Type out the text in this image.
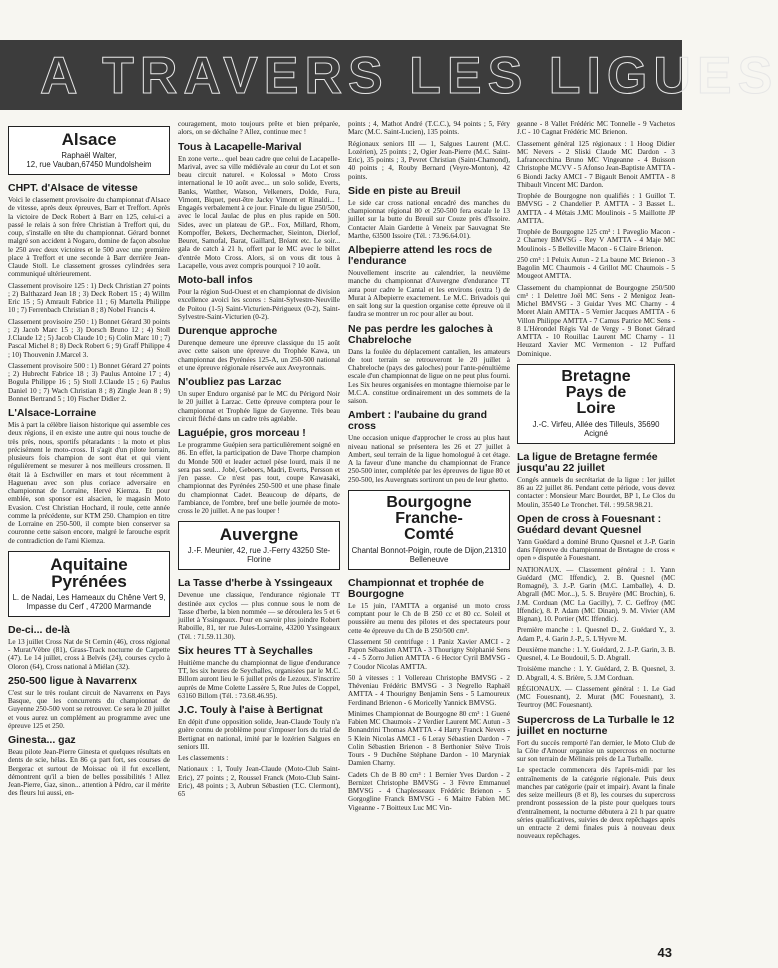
A TRAVERS LES LIGUES
Alsace
Raphaël Walter,
12, rue Vauban,67450 Mundolsheim
CHPT. d'Alsace de vitesse

Voici le classement provisoire du championnat d'Alsace de vitesse, après deux épreuves, Barr et Treffort. Après la victoire de Deck Robert à Barr en 125, celui-ci a passé le relais à son frère Christian à Treffort qui, du coup, s'installe en tête du championnat. Gérard bonnet malgré son accident à Nogaro, domine de façon absolue le 250 avec deux victoires et le 500 avec une première place à Treffort et une seconde à Barr derrière Jean-Claude Stoll. Le classement grosses cylindrées sera communiqué ultérieurement.

Classement provisoire 125 : 1) Deck Christian 27 points ; 2) Balthazard Jean 18 ; 3) Deck Robert 15 ; 4) Willm Eric 15 ; 5) Amrault Fabrice 11 ; 6) Martella Philippe 10 ; 7) Ferrenbach Christian 8 ; 8) Nobel Francis 4.

Classement provisoire 250 : 1) Bonnet Gérard 30 points ; 2) Jacob Marc 15 ; 3) Dorsch Bruno 12 ; 4) Stoll J.Claude 12 ; 5) Jacob Claude 10 ; 6) Colin Marc 10 ; 7) Pascal Michel 8 ; 8) Deck Robert 6 ; 9) Graff Philippe 4 ; 10) Thouvenin J.Marcel 3.

Classement provisoire 500 : 1) Bonnet Gérard 27 points ; 2) Hubrecht Fabrice 18 ; 3) Paulus Antoine 17 ; 4) Bogula Philippe 16 ; 5) Stoll J.Claude 15 ; 6) Paulus Daniel 10 ; 7) Wach Christian 8 ; 8) Zingle Jean 8 ; 9) Bonnet Bertrand 5 ; 10) Fischer Didier 2.

L'Alsace-Lorraine

Mis à part la célèbre liaison historique qui assemble ces deux régions, il en existe une autre qui nous touche de très près, nous, sportifs pétaradants : la moto et plus précisément le moto-cross. Il s'agit d'un pilote lorrain, plusieurs fois champion de sont état et qui vient régulièrement se mesurer à nos meilleurs crossmen. Il était là à Eschwiller en mars et tout récemment à Haguenau avec son plus coriace adversaire en championnat de Lorraine, Hervé Kiemza. Et pour emblée, son sponsor est alsacien, le magasin Moto Evasion. C'est Christian Hochard, il roule, cette année comme la précédente, sur KTM 250. Champion en titre de Lorraine en 250-500, il compte bien conserver sa couronne cette saison encore, malgré le farouche esprit de contradiction de l'ami Kiemza.

Aquitaine
Pyrénées
L. de Nadai, Les Hameaux du Chêne Vert 9, Impasse du Cerf , 47200 Marmande
De-ci... de-là

Le 13 juillet Cross Nat de St Cernin (46), cross régional - Murat/Vèbre (81), Grass-Track nocturne de Carpette (47). Le 14 juillet, cross à Belvès (24), courses cyclo à Oloron (64), Cross national à Miélan (32).

250-500 ligue à Navarrenx

C'est sur le très roulant circuit de Navarrenx en Pays Basque, que les concurrents du championnat de Guyenne 250-500 vont se retrouver. Ce sera le 20 juillet et vous aurez un complément au programme avec une épreuve 125 et 250.

Ginesta... gaz

Beau pilote Jean-Pierre Ginesta et quelques résultats en dents de scie, hélas. En 86 ça part fort, ses courses de Bergerac et surtout de Moissac où il fut excellent, démontrent qu'il a bien de belles possibilités ! Allez Jean-Pierre, Gaz, sinon... attention à Pédro, car il mérite des fleurs lui aussi, en-

couragement, moto toujours prête et bien préparée, alors, on se déchaîne ? Allez, continue mec !

Tous à Lacapelle-Marival

En zone verte... quel beau cadre que celui de Lacapelle-Marival, avec sa ville médiévale au cœur du Lot et son beau circuit naturel. « Kolossal » Moto Cross international le 10 août avec... un solo solide, Everts, Banks, Watther, Watson, Velkeners, Dolde, Fura, Vimont, Biquet, peut-être Jacky Vimont et Rinaldi... ! Engagés verbalement à ce jour. Finale du ligue 250/500, avec le local Jaulac de plus en plus rapide en 500. Sides, avec un plateau de GP... Fox, Millard, Rhom, Kompoffer, Bekers, Dechermacher, Sieinton, Dierlof, Beuret, Samofal, Barat, Gaillard, Bréant etc. Le soir... gala de catch à 21 h, offert par le MC avec le billet d'entrée Moto Cross. Alors, si on vous dit tous à Lacapelle, vous avez compris pourquoi ? 10 août.

Moto-ball infos

Pour la région Sud-Ouest et en championnat de division excellence avoici les scores : Saint-Sylvestre-Neuville de Poitou (1-5) Saint-Victurien-Périgueux (0-2), Saint-Sylvestre-Saint-Victurien (0-2).

Durenque approche

Durenque demeure une épreuve classique du 15 août avec cette saison une épreuve du Trophée Kawa, un championnat des Pyrénées 125-A, un 250-500 national et une épreuve régionale réservée aux Aveyronnais.

N'oubliez pas Larzac

Un super Enduro organisé par le MC du Périgord Noir le 20 juillet à Larzac. Cette épreuve comptera pour le championnat et Trophée ligue de Guyenne. Très beau circuit fléché dans un cadre très agréable.

Laguépie, gros morceau !

Le programme Guépien sera particulièrement soigné en 86. En effet, la participation de Dave Thorpe champion du Monde 500 et leader actuel pèse lourd, mais il ne sera pas seul... Jobé, Geboers, Madri, Everts, Persson et j'en passe. Ce n'est pas tout, coupe Kawasaki, championnat des Pyrénées 250-500 et une phase finale du championnat Cadet. Beaucoup de départs, de l'ambiance, de l'ombre, bref une belle journée de moto-cross le 20 juillet. A ne pas louper !

Auvergne
J.-F. Meunier, 42, rue J.-Ferry 43250 Ste-Florine
La Tasse d'herbe à Yssingeaux

Devenue une classique, l'endurance régionale TT destinée aux cyclos — plus connue sous le nom de Tasse d'herbe, la bien nommée — se déroulera les 5 et 6 juillet à Yssingeaux. Pour en savoir plus joindre Robert Raboille, 81, ter rue Jules-Lorraine, 43200 Yssingeaux (Tél. : 71.59.11.30).

Six heures TT à Seychalles

Huitième manche du championnat de ligue d'endurance TT, les six heures de Seychalles, organisées par le M.C. Billom auront lieu le 6 juillet près de Lezoux. S'inscrire auprès de Mme Colette Lassère 5, Rue Jules de Coppel, 63160 Billom (Tél. : 73.68.46.95).

J.C. Touly à l'aise à Bertignat

En dépit d'une opposition solide, Jean-Claude Touly n'a guère connu de problème pour s'imposer lors du trial de Bertignat en national, imité par le lozérien Salgues en seniors III.

Les classements :

Nationaux : 1, Touly Jean-Claude (Moto-Club Saint-Eric), 27 points ; 2, Roussel Franck (Moto-Club Saint-Eric), 48 points ; 3, Aubrun Sébastien (T.C. Clermont), 65

points ; 4, Mathot André (T.C.C.), 94 points ; 5, Féry Marc (M.C. Saint-Lucien), 135 points.

Régionaux seniors III — 1, Salgues Laurent (M.C. Lozérien), 25 points ; 2, Ogier Jean-Pierre (M.C. Saint-Eric), 35 points ; 3, Pevret Christian (Saint-Chamond), 40 points ; 4, Rouby Bernard (Veyre-Monton), 42 points.

Side en piste au Breuil

Le side car cross national encadré des manches du championnat régional 80 et 250-500 fera escale le 13 juillet sur la butte du Breuil sur Couze près d'Issoire. Contacter Alain Gardette à Veneix par Sauvagnat Ste Marthe, 63500 Issoire (Tél. : 73.96.64.01).

Albepierre attend les rocs de l'endurance

Nouvellement inscrite au calendrier, la neuvième manche du championnat d'Auvergne d'endurance TT aura pour cadre le Cantal et les environs (extra !) de Murat à Albepierre exactement. Le M.C. Brivadois qui en sait long sur la question organise cette épreuve où il faudra se montrer un roc pour aller au bout.

Ne pas perdre les galoches à Chabreloche

Dans la foulée du déplacement cantalien, les amateurs de tout terrain se retrouveront le 20 juillet à Chabreloche (pays des galoches) pour l'ante-pénultième escale d'un championnat de ligue on ne peut plus fourni. Les Six heures organisées en montagne thiernoise par le M.C.A. constitue ordinairement un des sommets de la saison.

Ambert : l'aubaine du grand cross

Une occasion unique d'approcher le cross au plus haut niveau national se présentera les 26 et 27 juillet à Ambert, seul terrain de la ligue homologué à cet étage. A la faveur d'une manche du championnat de France 250-500 inter, complétée par les épreuves de ligue 80 et 250-500, les Auvergnats sortiront un peu de leur ghetto.

Bourgogne
Franche-
Comté
Chantal Bonnot-Poigin, route de Dijon,21310 Belleneuve
Championnat et trophée de Bourgogne

Le 15 juin, l'AMTTA a organisé un moto cross comptant pour le Ch de B 250 cc et 80 cc. Soleil et poussière au menu des pilotes et des spectateurs pour cette 4e épreuve du Ch de B 250/500 cm³.

Classement 50 centrifuge : 1 Paniz Xavier AMCI - 2 Papon Sébastien AMTTA - 3 Thourigny Stéphanié Sens - 4 - 5 Zorro Julien AMTTA - 6 Hector Cyril BMVSG - 7 Coudor Nicolas AMTTA.

50 à vitesses : 1 Vollereau Christophe BMVSG - 2 Théveniau Frédéric BMVSG - 3 Negrello Raphaël AMTTA - 4 Thourigny Benjamin Sens - 5 Lamoureux Ferdinand Brienon - 6 Moricelly Yannick BMVSG.

Minimes Championnat de Bourgogne 80 cm³ : 1 Guené Fabien MC Chaumois - 2 Verdier Laurent MC Autun - 3 Bonandrini Thomas AMTTA - 4 Harry Franck Nevers - 5 Klein Nicolas AMCI - 6 Leray Sébastien Dardon - 7 Colin Sébastien Brienon - 8 Berthonier Stève Trois Tours - 9 Duchêne Stéphane Dardon - 10 Maryniak Damien Charny.

Cadets Ch de B 80 cm³ : 1 Bernier Yves Dardon - 2 Bernizet Christophe BMVSG - 3 Fèvre Emmanuel BMVSG - 4 Chaplesseaux Frédéric Brienon - 5 Gorgogline Franck BMVSG - 6 Maitre Fabien MC Vigeanne - 7 Boitteux Luc MC Vin-

geanne - 8 Vallet Frédéric MC Tonnelle - 9 Vachetos J.C - 10 Cagnat Frédéric MC Brienon.

Classement général 125 régionaux : 1 Hoog Didier MC Nevers - 2 Sliski Claude MC Dardon - 3 Lafrancecchina Bruno MC Vingeanne - 4 Buisson Christophe MCVV - 5 Afonso Jean-Baptiste AMTTA - 6 Biondi Jacky AMCI - 7 Bigault Benoit AMTTA - 8 Thibault Vincent MC Dardon.

Trophée de Bourgogne non qualifiés : 1 Guillot T. BMVSG - 2 Chandelier P. AMTTA - 3 Basset L. AMTTA - 4 Métais J.MC Moulinois - 5 Maillotte JP AMTTA.

Trophée de Bourgogne 125 cm³ : 1 Paveglio Macon - 2 Charney BMVSG - Rey V AMTTA - 4 Maje MC Moulinois - 5 Belleville Macon - 6 Claire Brienon.

250 cm³ : 1 Peluix Autun - 2 La baune MC Brienon - 3 Bagolin MC Chaumois - 4 Grillot MC Chaumois - 5 Mougeot AMTTA.

Classement du championnat de Bourgogne 250/500 cm³ : 1 Delettre Joël MC Sens - 2 Menigoz Jean-Michel BMVSG - 3 Guidar Yves MC Charny - 4 Moret Alain AMTTA - 5 Vernier Jacques AMTTA - 6 Villon Philippe AMTTA - 7 Camus Patrice MC Sens - 8 L'Hérondel Régis Val de Vergy - 9 Bonet Gérard AMTTA - 10 Rouillac Laurent MC Charny - 11 Heuzard Xavier MC Vermenton - 12 Puffard Dominique.

Bretagne
Pays de
Loire
J.-C. Virfeu, Allée des Tilleuls, 35690 Acigné
La ligue de Bretagne fermée jusqu'au 22 juillet

Congés annuels du secrétariat de la ligue : 1er juillet 86 au 22 juillet 86. Pendant cette période, vous devez contacter : Monsieur Marc Bourdet, BP 1, Le Clos du Moulin, 35540 Le Tronchet. Tél. : 99.58.98.21.

Open de cross à Fouesnant : Guédard devant Quesnel

Yann Guédard a dominé Bruno Quesnel et J.-P. Garin dans l'épreuve du championnat de Bretagne de cross « open » disputée à Fouesnant.

NATIONAUX. — Classement général : 1. Yann Guédard (MC Iffendic), 2. B. Quesnel (MC Romagné), 3. J.-P. Garin (M.C. Lamballe), 4. D. Abgrall (MC Mor...), 5. S. Bruyère (MC Brochin), 6. J.M. Corduan (MC La Gacilly), 7. C. Geffroy (MC Iffendic), 8. P. Adam (MC Dinan), 9. M. Vivier (AM Bignan), 10. Portier (MC Iffendic).

Première manche : 1. Quesnel D., 2. Guédard Y., 3. Adam P., 4. Garin J.-P., 5. L'Hyvre M.

Deuxième manche : 1. Y. Guédard, 2. J.-P. Garin, 3. B. Quesnel, 4. Le Boudouil, 5. D. Abgrall.

Troisième manche : 1. Y. Guédard, 2. B. Quesnel, 3. D. Abgrall, 4. S. Brière, 5. J.M Corduan.

RÉGIONAUX. — Classement général : 1. Le Gad (MC Fouesnant), 2. Murat (MC Fouesnant), 3. Teurtroy (MC Fouesnant).

Supercross de La Turballe le 12 juillet en nocturne

Fort du succès remporté l'an dernier, le Moto Club de la Côte d'Amour organise un supercross en nocturne sur son terrain de Mélinais près de La Turballe.

Le spectacle commencera dès l'après-midi par les entraînements de la catégorie régionale. Puis deux manches par catégorie (pair et impair). Avant la finale des seize meilleurs (8 et 8), les courses du supercross prendront possession de la piste pour quelques tours d'entraînement, la nocturne débutera à 21 h par quatre séries qualificatives, suivies de deux repêchages après un entracte 2 demi finales puis à nouveau deux nouveaux repêchages.

43
